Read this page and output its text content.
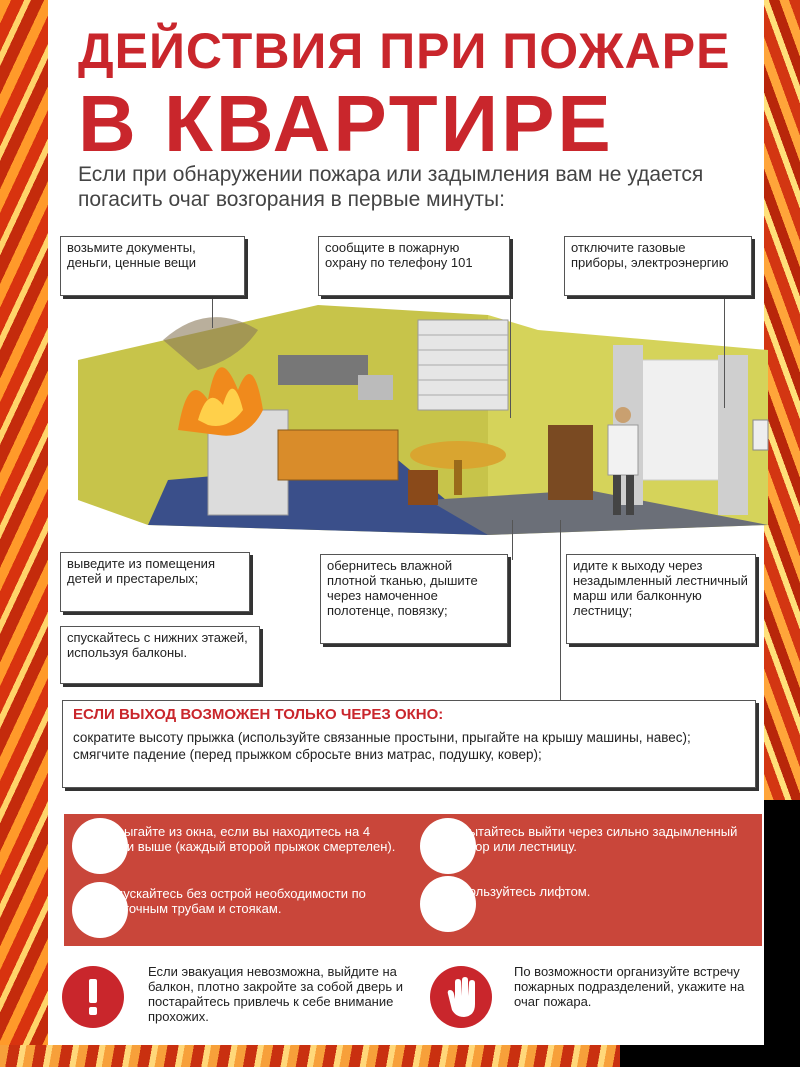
ДЕЙСТВИЯ ПРИ ПОЖАРЕ
В КВАРТИРЕ
Если при обнаружении пожара или задымления вам не удается погасить очаг возгорания в первые минуты:
возьмите документы, деньги, ценные вещи
сообщите в пожарную охрану по телефону 101
отключите газовые приборы, электроэнергию
выведите из помещения детей и престарелых;
спускайтесь с нижних этажей, используя балконы.
обернитесь влажной плотной тканью, дышите через намоченное полотенце, повязку;
идите к выходу через незадымленный лестничный марш или балконную лестницу;
ЕСЛИ ВЫХОД ВОЗМОЖЕН ТОЛЬКО ЧЕРЕЗ ОКНО:

сократите высоту прыжка (используйте связанные простыни, прыгайте на крышу машины, навес);

смягчите падение (перед прыжком сбросьте вниз матрас, подушку, ковер);

НЕ прыгайте из окна, если вы находитесь на 4 этаже и выше (каждый второй прыжок смертелен).
НЕ спускайтесь без острой необходимости по водосточным трубам и стоякам.
НЕ пытайтесь выйти через сильно задымленный коридор или лестницу.
НЕ пользуйтесь лифтом.
Если эвакуация невозможна, выйдите на балкон, плотно закройте за собой дверь и постарайтесь привлечь к себе внимание прохожих.
По возможности организуйте встречу пожарных подразделений, укажите на очаг пожара.
